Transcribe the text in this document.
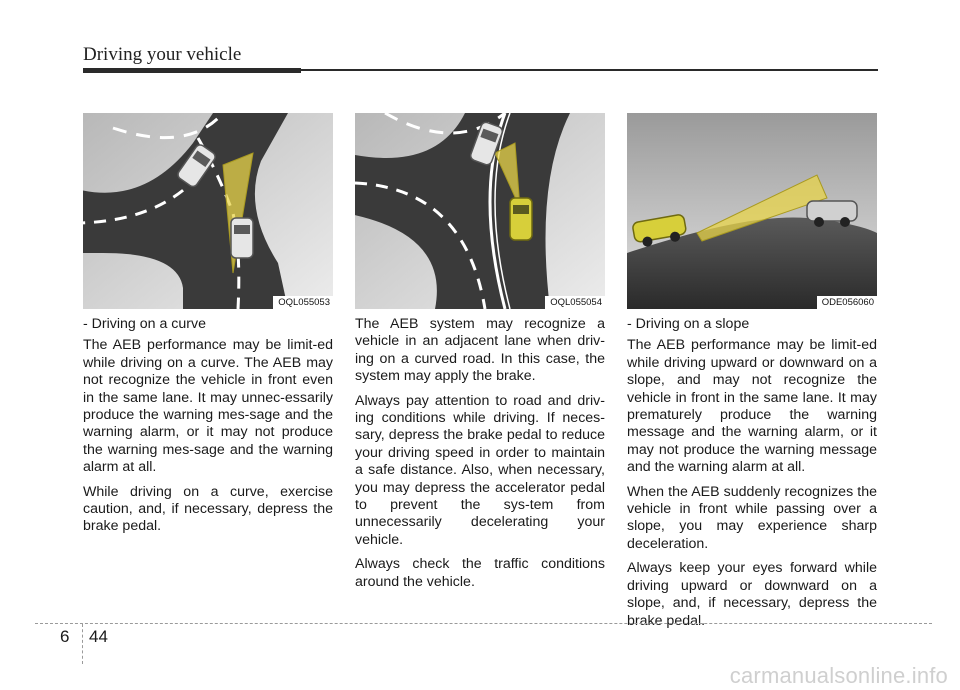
Driving your vehicle
OQL055053	OQL055054	ODE056060

- Driving on a curve

The AEB performance may be limit-ed while driving on a curve. The AEB may not recognize the vehicle in front even in the same lane. It may unnec-essarily produce the warning mes-sage and the warning alarm, or it may not produce the warning mes-sage and the warning alarm at all.

While driving on a curve, exercise caution, and, if necessary, depress the brake pedal.

The AEB system may recognize a vehicle in an adjacent lane when driv-ing on a curved road. In this case, the system may apply the brake.

Always pay attention to road and driv-ing conditions while driving. If neces-sary, depress the brake pedal to reduce your driving speed in order to maintain a safe distance. Also, when necessary, you may depress the accelerator pedal to prevent the sys-tem from unnecessarily decelerating your vehicle.

Always check the traffic conditions around the vehicle.

- Driving on a slope

The AEB performance may be limit-ed while driving upward or downward on a slope, and may not recognize the vehicle in front in the same lane. It may prematurely produce the warning message and the warning alarm, or it may not produce the warning message and the warning alarm at all.

When the AEB suddenly recognizes the vehicle in front while passing over a slope, you may experience sharp deceleration.

Always keep your eyes forward while driving upward or downward on a slope, and, if necessary, depress the brake pedal.

6 44
carmanualsonline.info
